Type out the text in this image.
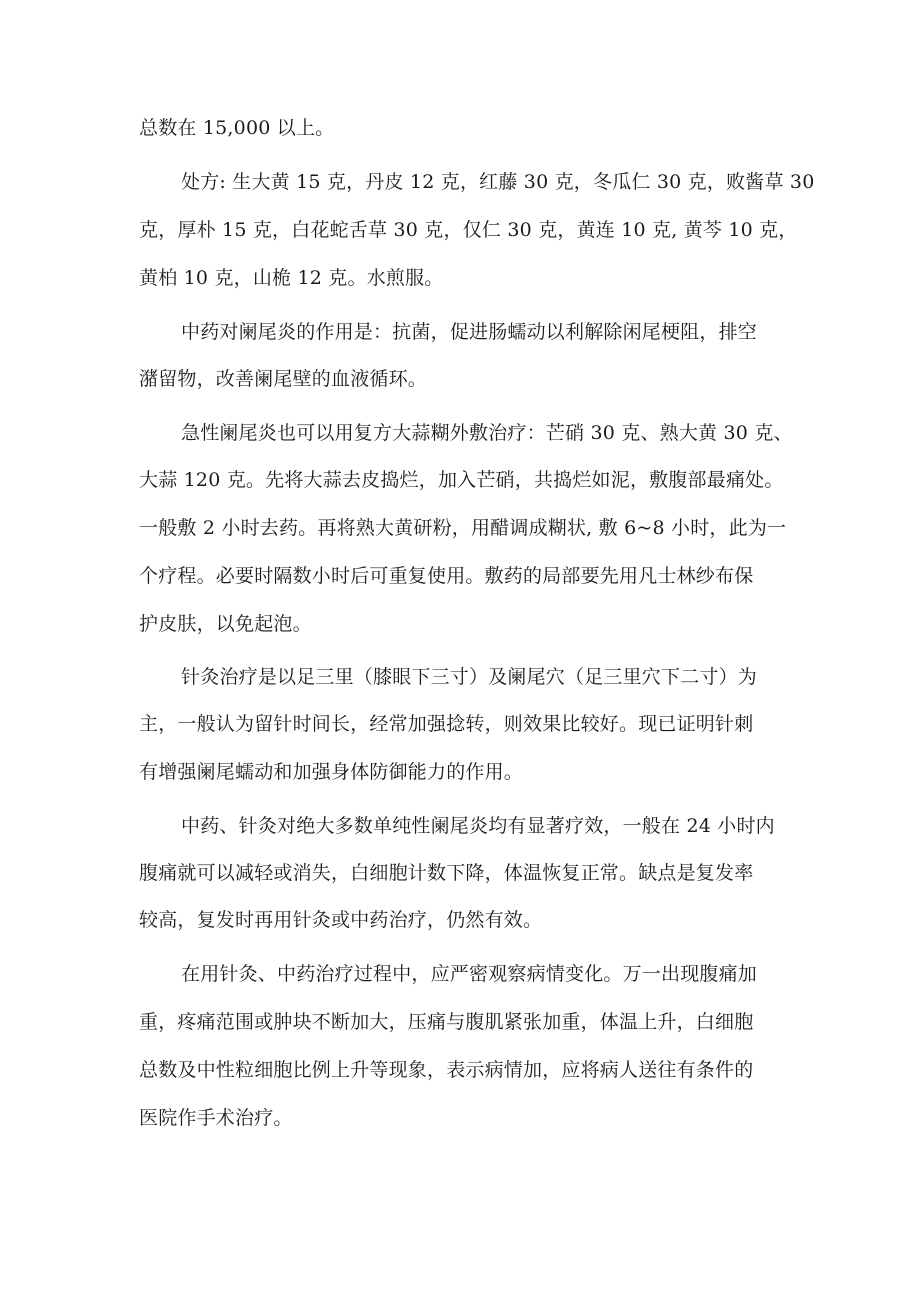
总数在 15,000 以上。

处方: 生大黄 15 克，丹皮 12 克，红藤 30 克，冬瓜仁 30 克，败酱草 30

克，厚朴 15 克，白花蛇舌草 30 克，仅仁 30 克，黄连 10 克, 黄芩 10 克，

黄柏 10 克，山桅 12 克。水煎服。

中药对阑尾炎的作用是：抗菌，促进肠蠕动以利解除闲尾梗阻，排空

潴留物，改善阑尾壁的血液循环。

急性阑尾炎也可以用复方大蒜糊外敷治疗：芒硝 30 克、熟大黄 30 克、

大蒜 120 克。先将大蒜去皮捣烂，加入芒硝，共捣烂如泥，敷腹部最痛处。

一般敷 2 小时去药。再将熟大黄研粉，用醋调成糊状, 敷 6~8 小时，此为一

个疗程。必要时隔数小时后可重复使用。敷药的局部要先用凡士林纱布保

护皮肤，以免起泡。

针灸治疗是以足三里（膝眼下三寸）及阑尾穴（足三里穴下二寸）为

主，一般认为留针时间长，经常加强捻转，则效果比较好。现已证明针刺

有增强阑尾蠕动和加强身体防御能力的作用。

中药、针灸对绝大多数单纯性阑尾炎均有显著疗效，一般在 24 小时内

腹痛就可以减轻或消失，白细胞计数下降，体温恢复正常。缺点是复发率

较高，复发时再用针灸或中药治疗，仍然有效。

在用针灸、中药治疗过程中，应严密观察病情变化。万一出现腹痛加

重，疼痛范围或肿块不断加大，压痛与腹肌紧张加重，体温上升，白细胞

总数及中性粒细胞比例上升等现象，表示病情加，应将病人送往有条件的

医院作手术治疗。
